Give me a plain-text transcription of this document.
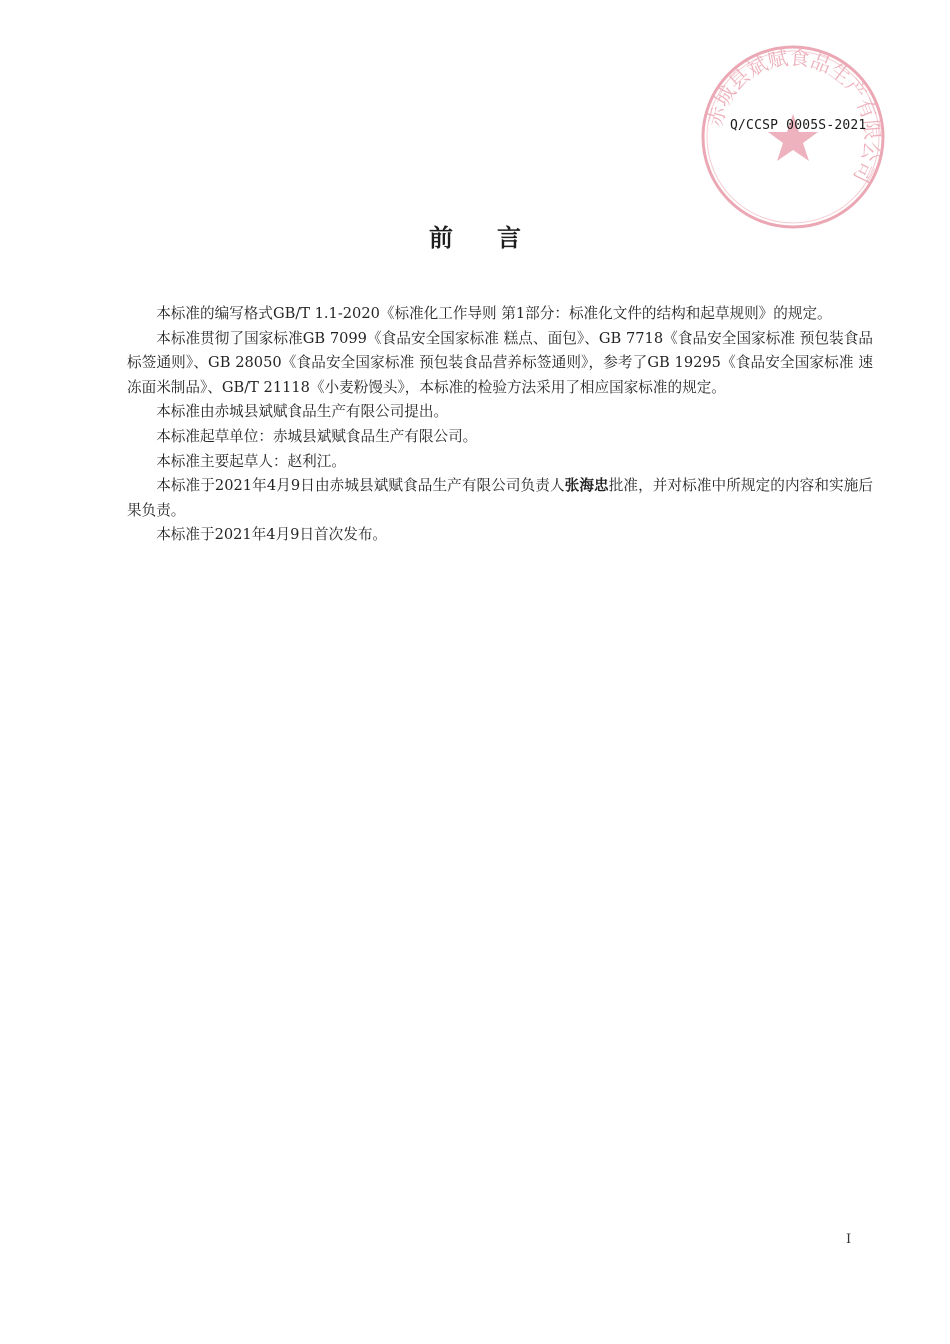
赤城县斌赋食品生产有限公司
Q/CCSP 0005S-2021
前言

本标准的编写格式GB/T 1.1-2020《标准化工作导则 第1部分：标准化文件的结构和起草规则》的规定。

本标准贯彻了国家标准GB 7099《食品安全国家标准 糕点、面包》、GB 7718《食品安全国家标准 预包装食品标签通则》、GB 28050《食品安全国家标准 预包装食品营养标签通则》，参考了GB 19295《食品安全国家标准 速冻面米制品》、GB/T 21118《小麦粉馒头》，本标准的检验方法采用了相应国家标准的规定。

本标准由赤城县斌赋食品生产有限公司提出。

本标准起草单位：赤城县斌赋食品生产有限公司。

本标准主要起草人：赵利江。

本标准于2021年4月9日由赤城县斌赋食品生产有限公司负责人张海忠批准，并对标准中所规定的内容和实施后果负责。

本标准于2021年4月9日首次发布。

I
